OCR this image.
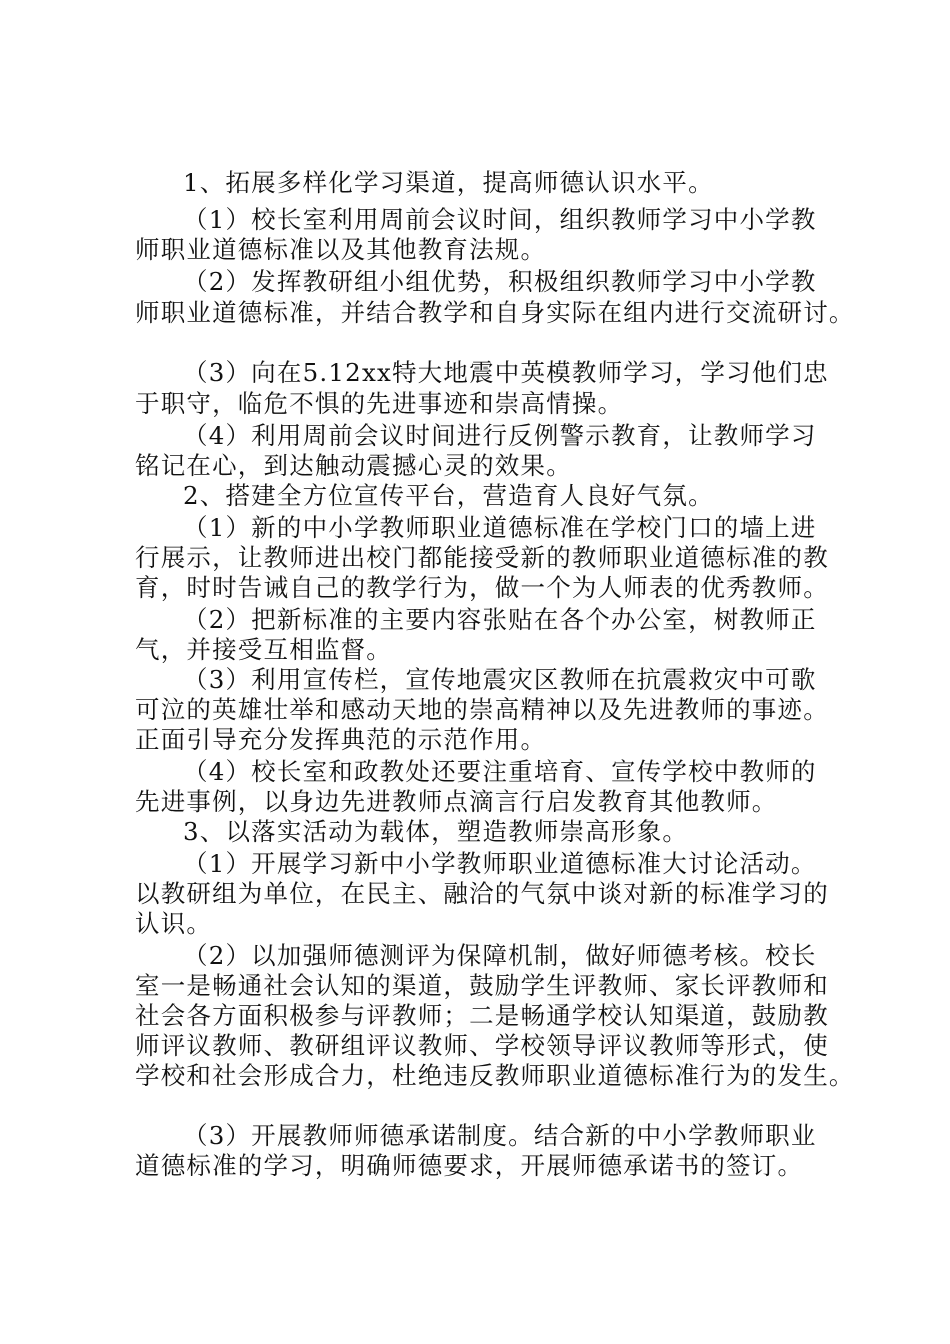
1、拓展多样化学习渠道，提高师德认识水平。

（1）校长室利用周前会议时间，组织教师学习中小学教

师职业道德标准以及其他教育法规。

（2）发挥教研组小组优势，积极组织教师学习中小学教

师职业道德标准，并结合教学和自身实际在组内进行交流研讨。

（3）向在5.12xx特大地震中英模教师学习，学习他们忠

于职守，临危不惧的先进事迹和崇高情操。

（4）利用周前会议时间进行反例警示教育，让教师学习

铭记在心，到达触动震撼心灵的效果。

2、搭建全方位宣传平台，营造育人良好气氛。

（1）新的中小学教师职业道德标准在学校门口的墙上进

行展示，让教师进出校门都能接受新的教师职业道德标准的教

育，时时告诫自己的教学行为，做一个为人师表的优秀教师。

（2）把新标准的主要内容张贴在各个办公室，树教师正

气，并接受互相监督。

（3）利用宣传栏，宣传地震灾区教师在抗震救灾中可歌

可泣的英雄壮举和感动天地的崇高精神以及先进教师的事迹。

正面引导充分发挥典范的示范作用。

（4）校长室和政教处还要注重培育、宣传学校中教师的

先进事例，以身边先进教师点滴言行启发教育其他教师。

3、以落实活动为载体，塑造教师崇高形象。

（1）开展学习新中小学教师职业道德标准大讨论活动。

以教研组为单位，在民主、融洽的气氛中谈对新的标准学习的

认识。

（2）以加强师德测评为保障机制，做好师德考核。校长

室一是畅通社会认知的渠道，鼓励学生评教师、家长评教师和

社会各方面积极参与评教师；二是畅通学校认知渠道，鼓励教

师评议教师、教研组评议教师、学校领导评议教师等形式，使

学校和社会形成合力，杜绝违反教师职业道德标准行为的发生。

（3）开展教师师德承诺制度。结合新的中小学教师职业

道德标准的学习，明确师德要求，开展师德承诺书的签订。
